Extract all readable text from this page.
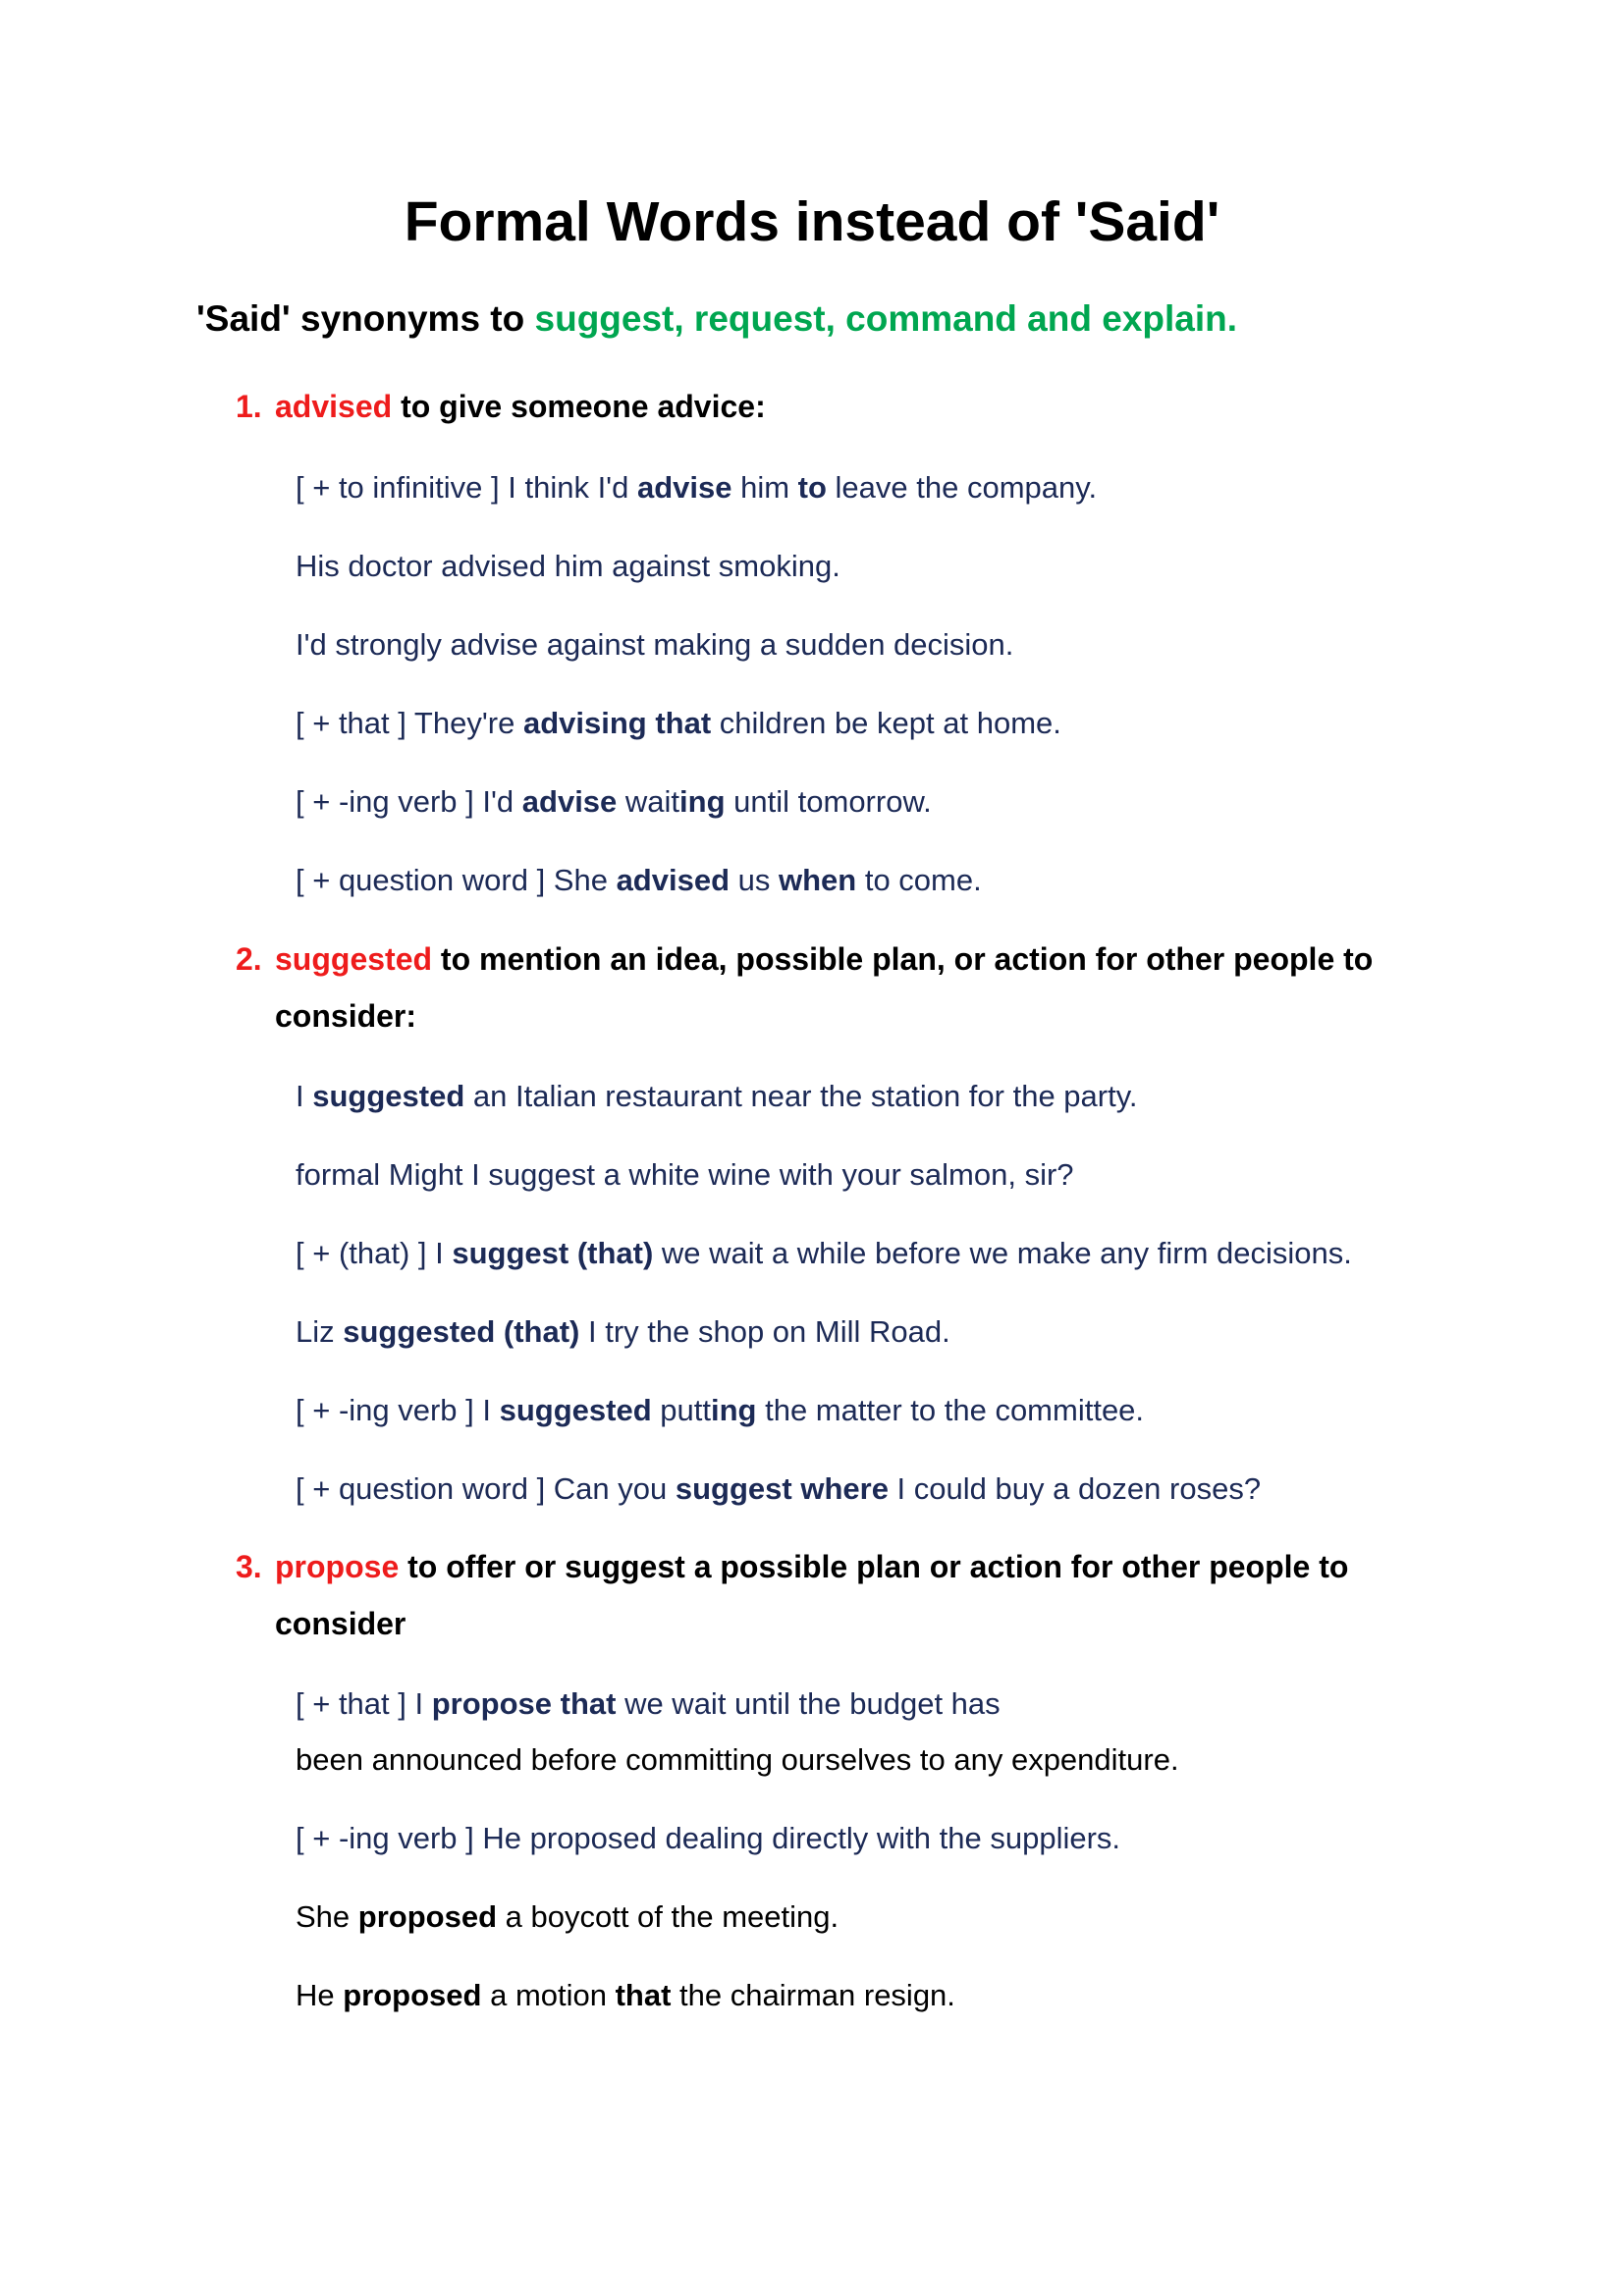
Formal Words instead of 'Said'
'Said' synonyms to suggest, request, command and explain.
1. advised to give someone advice:
[ + to infinitive ] I think I'd advise him to leave the company.
His doctor advised him against smoking.
I'd strongly advise against making a sudden decision.
[ + that ] They're advising that children be kept at home.
[ + -ing verb ] I'd advise waiting until tomorrow.
[ + question word ] She advised us when to come.
2. suggested to mention an idea, possible plan, or action for other people to
consider:
I suggested an Italian restaurant near the station for the party.
formal Might I suggest a white wine with your salmon, sir?
[ + (that) ] I suggest (that) we wait a while before we make any firm decisions.
Liz suggested (that) I try the shop on Mill Road.
[ + -ing verb ] I suggested putting the matter to the committee.
[ + question word ] Can you suggest where I could buy a dozen roses?
3. propose to offer or suggest a possible plan or action for other people to
consider
[ + that ] I propose that we wait until the budget has
been announced before committing ourselves to any expenditure.
[ + -ing verb ] He proposed dealing directly with the suppliers.
She proposed a boycott of the meeting.
He proposed a motion that the chairman resign.
